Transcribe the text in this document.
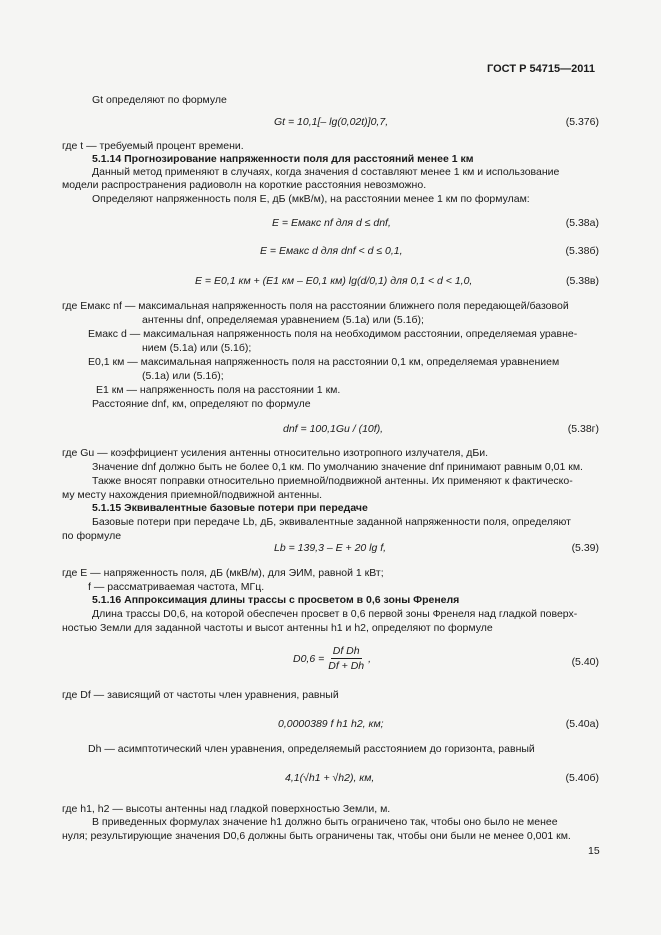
ГОСТ Р 54715—2011
Gt определяют по формуле
Gt = 10,1[– lg(0,02t)]0,7,	(5.376)
где t — требуемый процент времени.
5.1.14 Прогнозирование напряженности поля для расстояний менее 1 км
Данный метод применяют в случаях, когда значения d составляют менее 1 км и использование
модели распространения радиоволн на короткие расстояния невозможно.
Определяют напряженность поля E, дБ (мкВ/м), на расстоянии менее 1 км по формулам:
E = Eмакс nf для d ≤ dnf,	(5.38а)
E = Eмакс d для dnf < d ≤ 0,1,	(5.38б)
E = E0,1 км + (E1 км – E0,1 км) lg(d/0,1) для 0,1 < d < 1,0,	(5.38в)
где Eмакс nf — максимальная напряженность поля на расстоянии ближнего поля передающей/базовой
антенны dnf, определяемая уравнением (5.1а) или (5.1б);
Eмакс d — максимальная напряженность поля на необходимом расстоянии, определяемая уравне-
нием (5.1а) или (5.1б);
E0,1 км — максимальная напряженность поля на расстоянии 0,1 км, определяемая уравнением
(5.1а) или (5.1б);
E1 км — напряженность поля на расстоянии 1 км.
Расстояние dnf, км, определяют по формуле
dnf = 100,1Gu / (10f),	(5.38г)
где Gu — коэффициент усиления антенны относительно изотропного излучателя, дБи.
Значение dnf должно быть не более 0,1 км. По умолчанию значение dnf принимают равным 0,01 км.
Также вносят поправки относительно приемной/подвижной антенны. Их применяют к фактическо-
му месту нахождения приемной/подвижной антенны.
5.1.15 Эквивалентные базовые потери при передаче
Базовые потери при передаче Lb, дБ, эквивалентные заданной напряженности поля, определяют
по формуле
Lb = 139,3 – E + 20 lg f,	(5.39)
где E — напряженность поля, дБ (мкВ/м), для ЭИМ, равной 1 кВт;
f — рассматриваемая частота, МГц.
5.1.16 Аппроксимация длины трассы с просветом в 0,6 зоны Френеля
Длина трассы D0,6, на которой обеспечен просвет в 0,6 первой зоны Френеля над гладкой поверх-
ностью Земли для заданной частоты и высот антенны h1 и h2, определяют по формуле
$D0,6 = \frac{\text{Df Dh}}{Df + Dh}$ ,	(5.40)
где Df — зависящий от частоты член уравнения, равный
0,0000389 f h1 h2, км;	(5.40а)
Dh — асимптотический член уравнения, определяемый расстоянием до горизонта, равный
4,1(√h1 + √h2), км,	(5.40б)
где h1, h2 — высоты антенны над гладкой поверхностью Земли, м.
В приведенных формулах значение h1 должно быть ограничено так, чтобы оно было не менее
нуля; результирующие значения D0,6 должны быть ограничены так, чтобы они были не менее 0,001 км.
15
